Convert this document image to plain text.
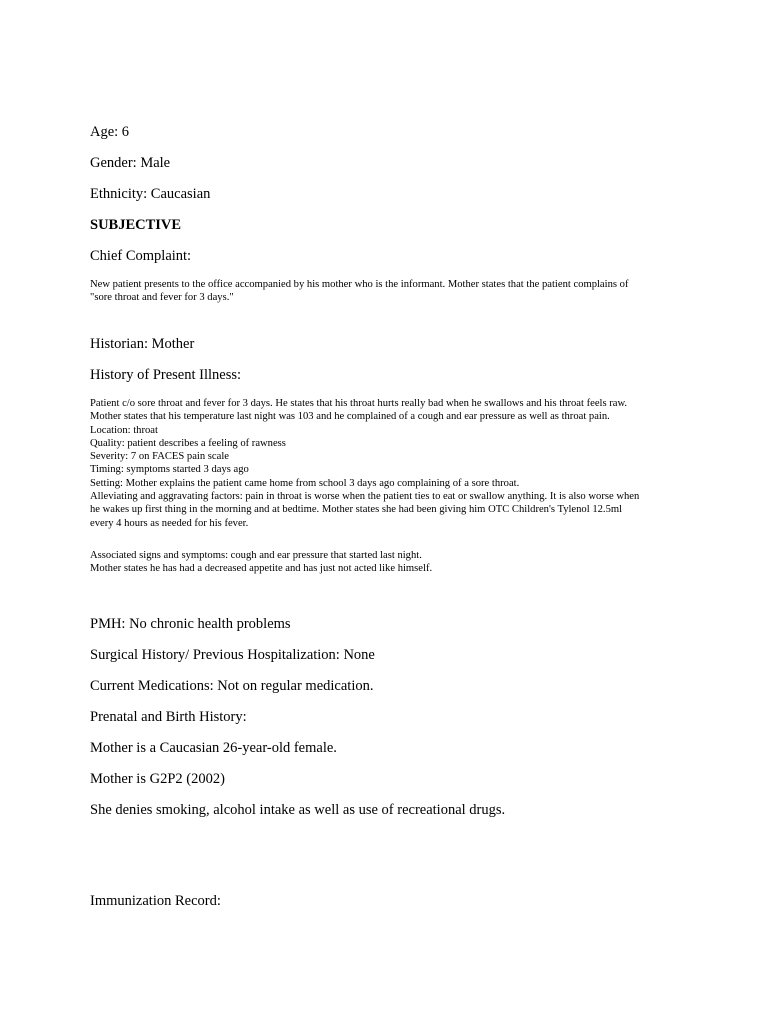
Age: 6

Gender: Male

Ethnicity: Caucasian

SUBJECTIVE

Chief Complaint:

New patient presents to the office accompanied by his mother who is the informant. Mother states that the patient complains of
"sore throat and fever for 3 days."

Historian: Mother

History of Present Illness:

Patient c/o sore throat and fever for 3 days. He states that his throat hurts really bad when he swallows and his throat feels raw.
Mother states that his temperature last night was 103 and he complained of a cough and ear pressure as well as throat pain.
Location: throat
Quality: patient describes a feeling of rawness
Severity: 7 on FACES pain scale
Timing: symptoms started 3 days ago
Setting: Mother explains the patient came home from school 3 days ago complaining of a sore throat.
Alleviating and aggravating factors: pain in throat is worse when the patient ties to eat or swallow anything. It is also worse when
he wakes up first thing in the morning and at bedtime. Mother states she had been giving him OTC Children's Tylenol 12.5ml
every 4 hours as needed for his fever.
Associated signs and symptoms: cough and ear pressure that started last night.
Mother states he has had a decreased appetite and has just not acted like himself.

PMH: No chronic health problems

Surgical History/ Previous Hospitalization: None

Current Medications: Not on regular medication.

Prenatal and Birth History:

Mother is a Caucasian 26-year-old female.

Mother is G2P2 (2002)

She denies smoking, alcohol intake as well as use of recreational drugs.

Immunization Record:
